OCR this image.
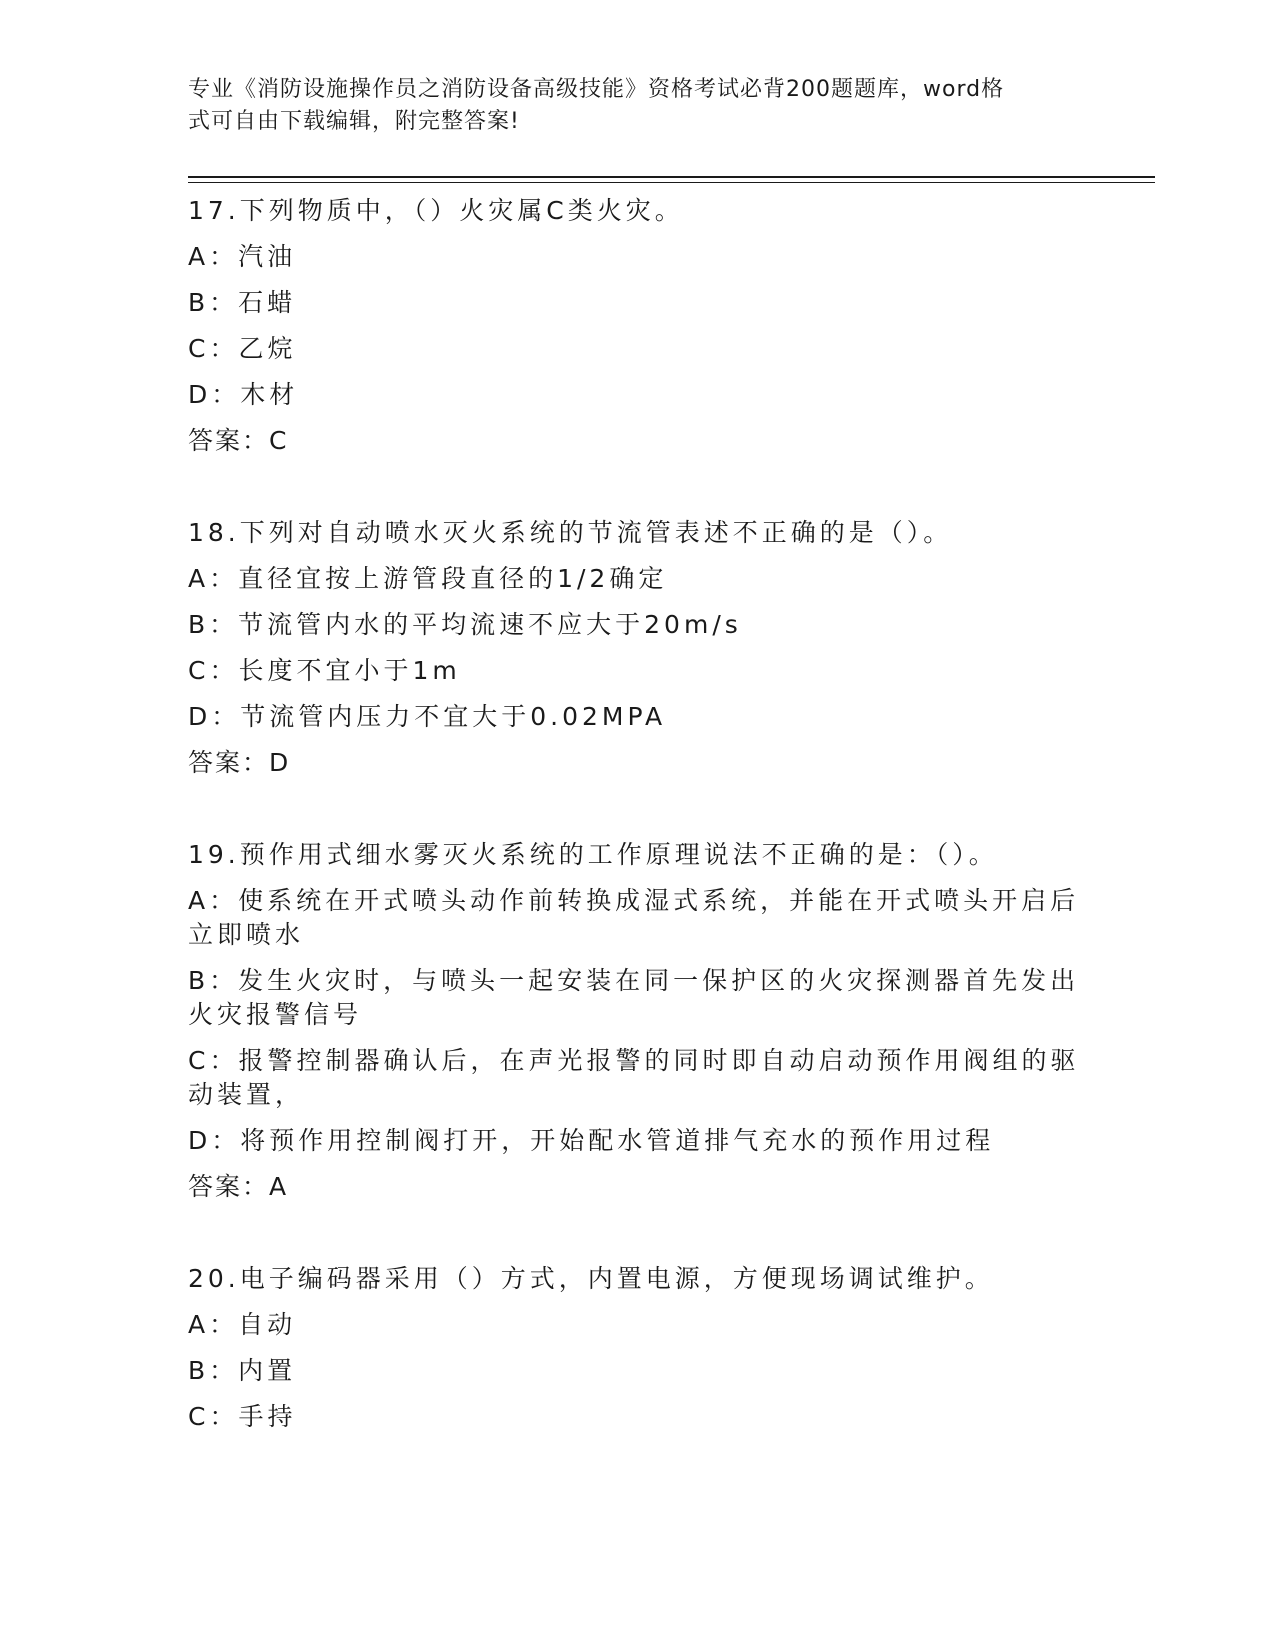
专业《消防设施操作员之消防设备高级技能》资格考试必背200题题库，word格
式可自由下载编辑，附完整答案!
17.下列物质中，（）火灾属C类火灾。
A：汽油
B：石蜡
C：乙烷
D：木材
答案：C
18.下列对自动喷水灭火系统的节流管表述不正确的是（）。
A：直径宜按上游管段直径的1/2确定
B：节流管内水的平均流速不应大于20m/s
C：长度不宜小于1m
D：节流管内压力不宜大于0.02MPA
答案：D
19.预作用式细水雾灭火系统的工作原理说法不正确的是：（）。
A：使系统在开式喷头动作前转换成湿式系统，并能在开式喷头开启后立即喷水
B：发生火灾时，与喷头一起安装在同一保护区的火灾探测器首先发出火灾报警信号
C：报警控制器确认后，在声光报警的同时即自动启动预作用阀组的驱动装置，
D：将预作用控制阀打开，开始配水管道排气充水的预作用过程
答案：A
20.电子编码器采用（）方式，内置电源，方便现场调试维护。
A：自动
B：内置
C：手持
